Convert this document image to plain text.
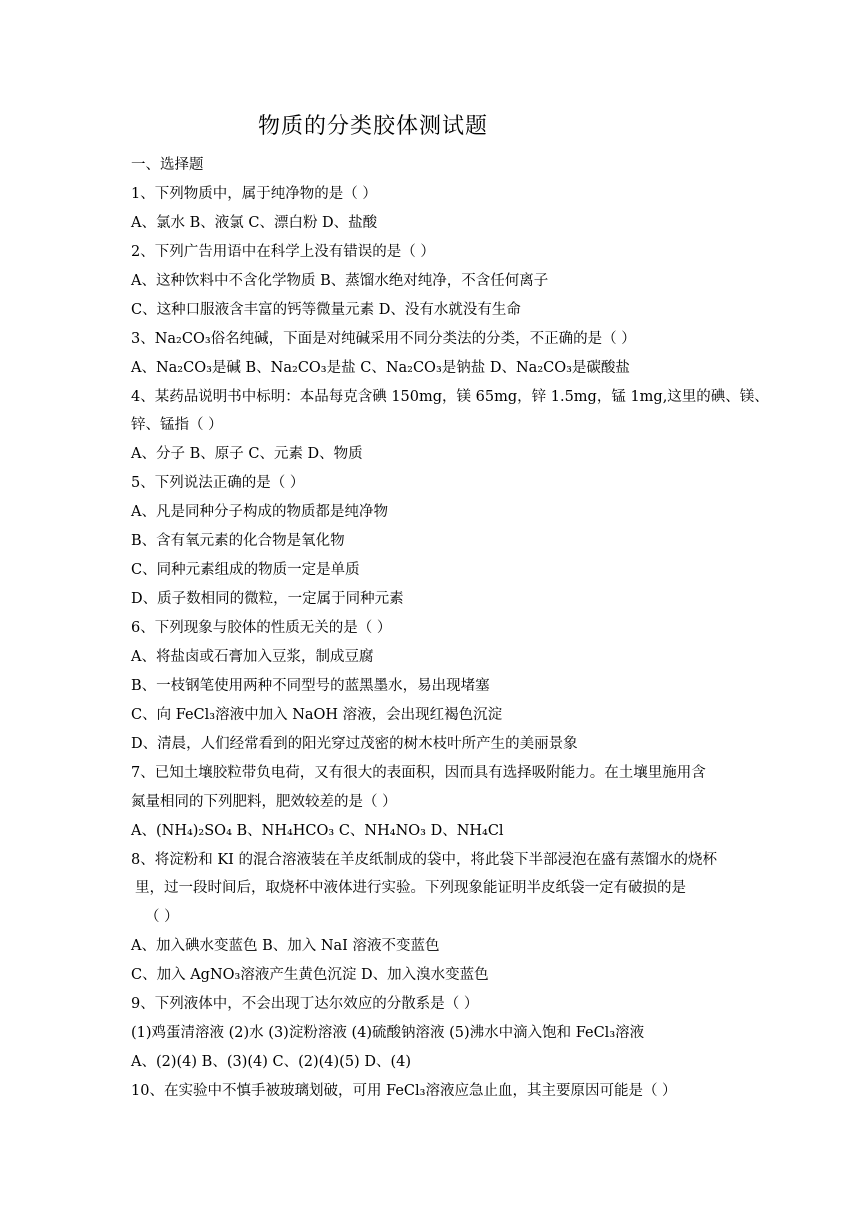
物质的分类胶体测试题
一、选择题
1、下列物质中，属于纯净物的是（ ）
A、氯水 B、液氯 C、漂白粉 D、盐酸
2、下列广告用语中在科学上没有错误的是（ ）
A、这种饮料中不含化学物质 B、蒸馏水绝对纯净，不含任何离子
C、这种口服液含丰富的钙等微量元素 D、没有水就没有生命
3、Na₂CO₃俗名纯碱，下面是对纯碱采用不同分类法的分类，不正确的是（ ）
A、Na₂CO₃是碱 B、Na₂CO₃是盐 C、Na₂CO₃是钠盐 D、Na₂CO₃是碳酸盐
4、某药品说明书中标明：本品每克含碘 150mg，镁 65mg，锌 1.5mg，锰 1mg,这里的碘、镁、
锌、锰指（ ）
A、分子 B、原子 C、元素 D、物质
5、下列说法正确的是（ ）
A、凡是同种分子构成的物质都是纯净物
B、含有氧元素的化合物是氧化物
C、同种元素组成的物质一定是单质
D、质子数相同的微粒，一定属于同种元素
6、下列现象与胶体的性质无关的是（ ）
A、将盐卤或石膏加入豆浆，制成豆腐
B、一枝钢笔使用两种不同型号的蓝黑墨水，易出现堵塞
C、向 FeCl₃溶液中加入 NaOH 溶液，会出现红褐色沉淀
D、清晨，人们经常看到的阳光穿过茂密的树木枝叶所产生的美丽景象
7、已知土壤胶粒带负电荷，又有很大的表面积，因而具有选择吸附能力。在土壤里施用含
氮量相同的下列肥料，肥效较差的是（ ）
A、(NH₄)₂SO₄ B、NH₄HCO₃ C、NH₄NO₃ D、NH₄Cl
8、将淀粉和 KI 的混合溶液装在羊皮纸制成的袋中，将此袋下半部浸泡在盛有蒸馏水的烧杯
里，过一段时间后，取烧杯中液体进行实验。下列现象能证明半皮纸袋一定有破损的是
（ ）
A、加入碘水变蓝色 B、加入 NaI 溶液不变蓝色
C、加入 AgNO₃溶液产生黄色沉淀 D、加入溴水变蓝色
9、下列液体中，不会出现丁达尔效应的分散系是（ ）
(1)鸡蛋清溶液 (2)水 (3)淀粉溶液 (4)硫酸钠溶液 (5)沸水中滴入饱和 FeCl₃溶液
A、(2)(4) B、(3)(4) C、(2)(4)(5) D、(4)
10、在实验中不慎手被玻璃划破，可用 FeCl₃溶液应急止血，其主要原因可能是（ ）
